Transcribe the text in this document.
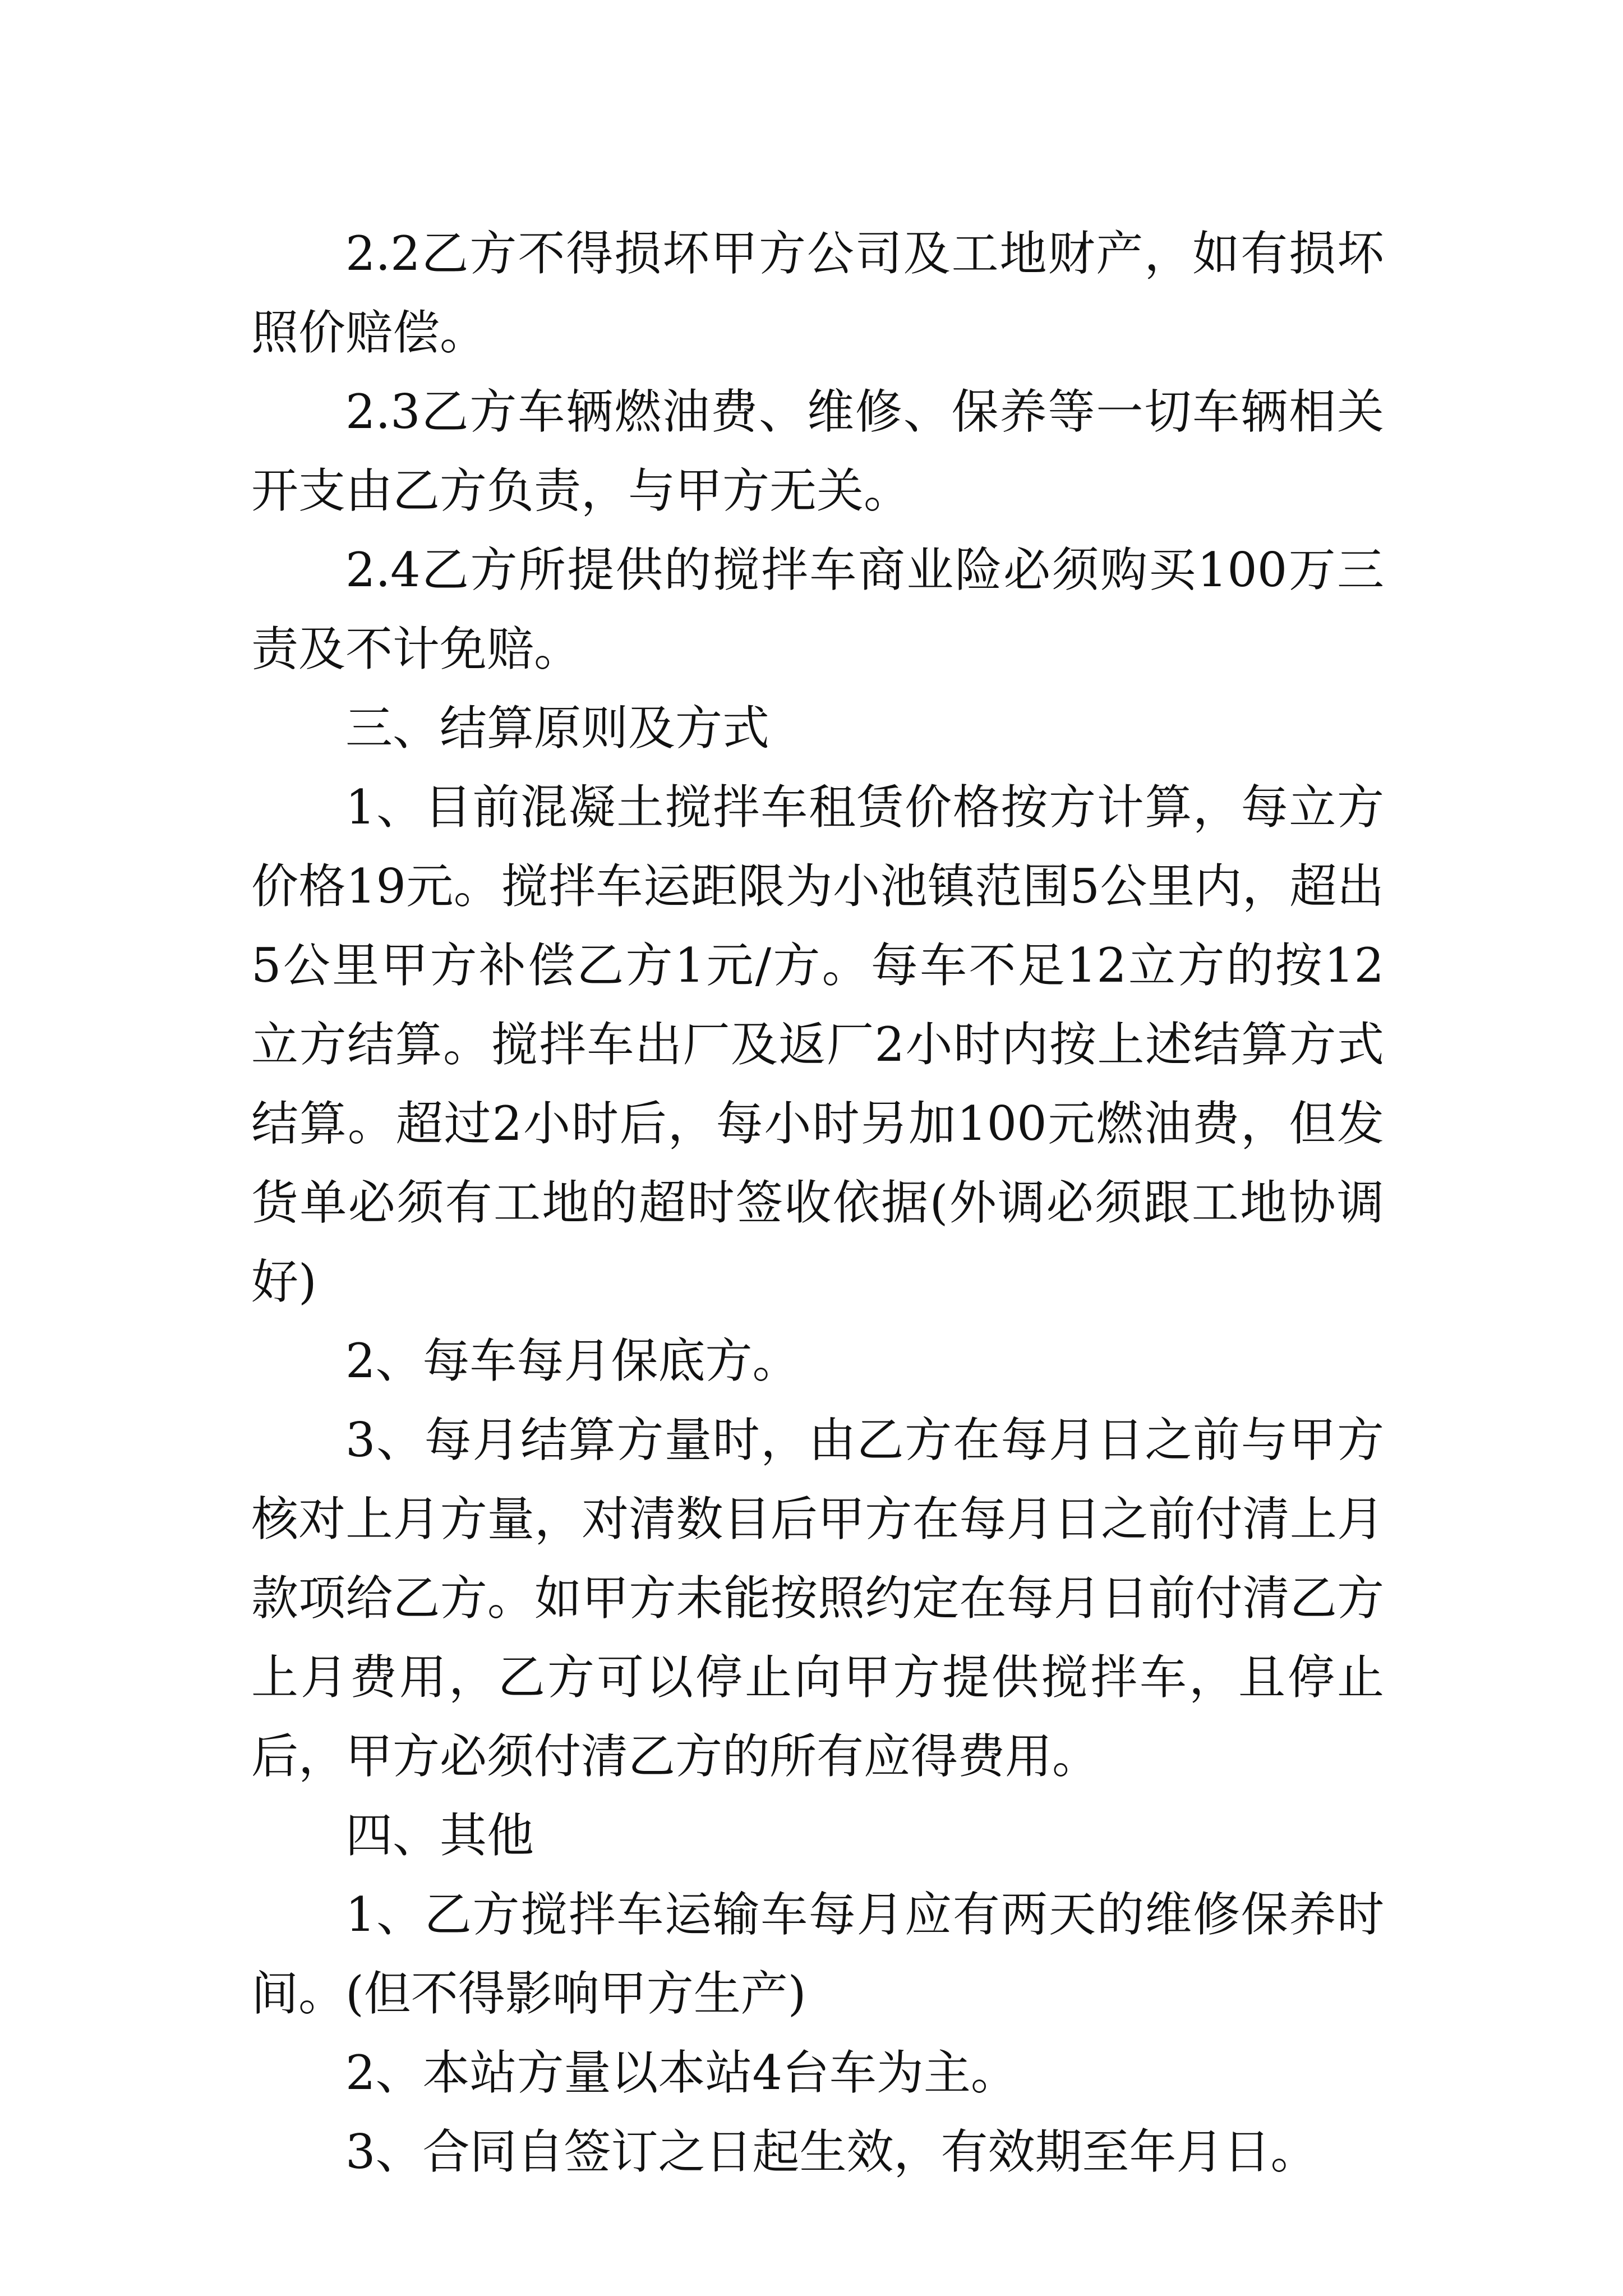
2.2乙方不得损坏甲方公司及工地财产，如有损坏照价赔偿。

2.3乙方车辆燃油费、维修、保养等一切车辆相关开支由乙方负责，与甲方无关。

2.4乙方所提供的搅拌车商业险必须购买100万三责及不计免赔。

三、结算原则及方式

1、目前混凝土搅拌车租赁价格按方计算，每立方价格19元。搅拌车运距限为小池镇范围5公里内，超出5公里甲方补偿乙方1元/方。每车不足12立方的按12立方结算。搅拌车出厂及返厂2小时内按上述结算方式结算。超过2小时后，每小时另加100元燃油费，但发货单必须有工地的超时签收依据(外调必须跟工地协调好)

2、每车每月保底方。

3、每月结算方量时，由乙方在每月日之前与甲方核对上月方量，对清数目后甲方在每月日之前付清上月款项给乙方。如甲方未能按照约定在每月日前付清乙方上月费用，乙方可以停止向甲方提供搅拌车，且停止后，甲方必须付清乙方的所有应得费用。

四、其他

1、乙方搅拌车运输车每月应有两天的维修保养时间。(但不得影响甲方生产)

2、本站方量以本站4台车为主。

3、合同自签订之日起生效，有效期至年月日。
